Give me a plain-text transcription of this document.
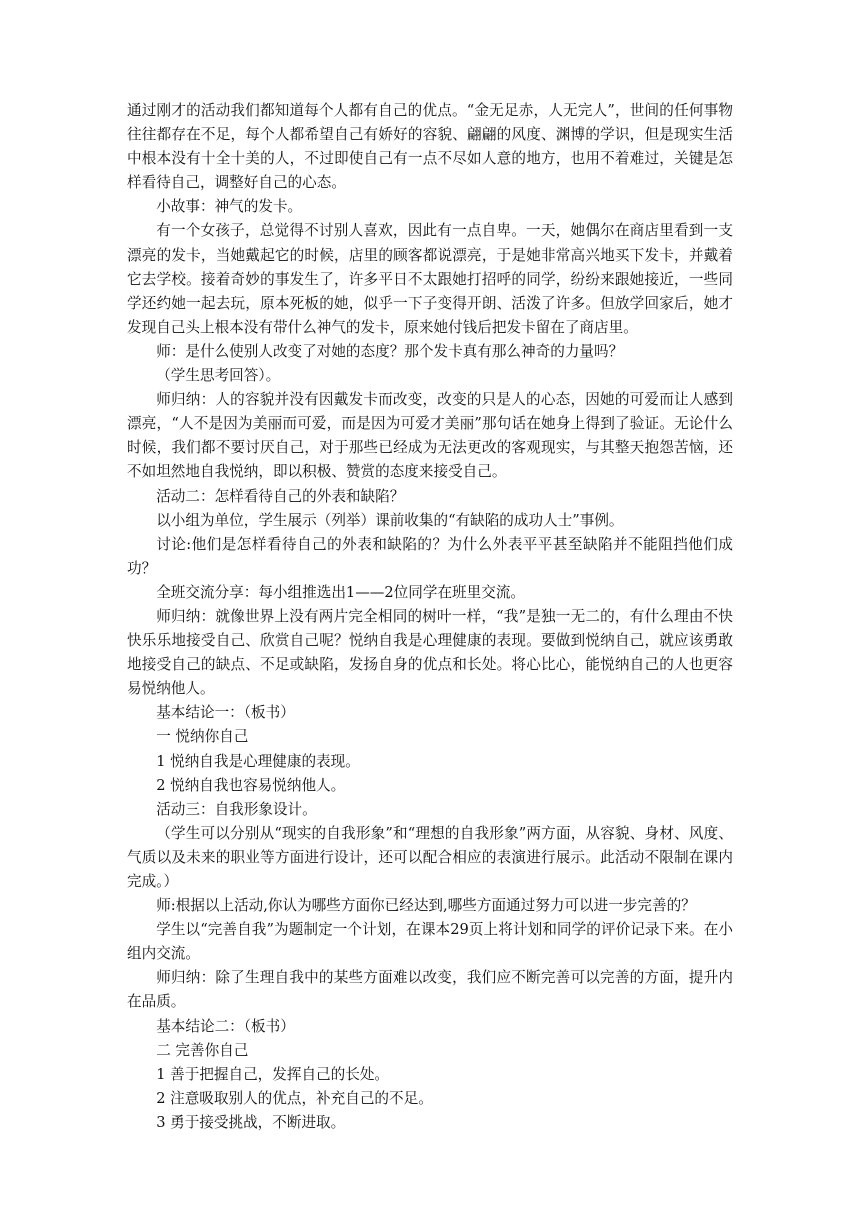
通过刚才的活动我们都知道每个人都有自己的优点。“金无足赤，人无完人”，世间的任何事物往往都存在不足，每个人都希望自己有娇好的容貌、翩翩的风度、渊博的学识，但是现实生活中根本没有十全十美的人，不过即使自己有一点不尽如人意的地方，也用不着难过，关键是怎样看待自己，调整好自己的心态。

小故事：神气的发卡。

有一个女孩子，总觉得不讨别人喜欢，因此有一点自卑。一天，她偶尔在商店里看到一支漂亮的发卡，当她戴起它的时候，店里的顾客都说漂亮，于是她非常高兴地买下发卡，并戴着它去学校。接着奇妙的事发生了，许多平日不太跟她打招呼的同学，纷纷来跟她接近，一些同学还约她一起去玩，原本死板的她，似乎一下子变得开朗、活泼了许多。但放学回家后，她才发现自己头上根本没有带什么神气的发卡，原来她付钱后把发卡留在了商店里。

师：是什么使别人改变了对她的态度？那个发卡真有那么神奇的力量吗？

（学生思考回答）。

师归纳：人的容貌并没有因戴发卡而改变，改变的只是人的心态，因她的可爱而让人感到漂亮，“人不是因为美丽而可爱，而是因为可爱才美丽”那句话在她身上得到了验证。无论什么时候，我们都不要讨厌自己，对于那些已经成为无法更改的客观现实，与其整天抱怨苦恼，还不如坦然地自我悦纳，即以积极、赞赏的态度来接受自己。

活动二：怎样看待自己的外表和缺陷？

以小组为单位，学生展示（列举）课前收集的“有缺陷的成功人士”事例。

讨论:他们是怎样看待自己的外表和缺陷的？为什么外表平平甚至缺陷并不能阻挡他们成功？

全班交流分享：每小组推选出1——2位同学在班里交流。

师归纳：就像世界上没有两片完全相同的树叶一样，“我”是独一无二的，有什么理由不快快乐乐地接受自己、欣赏自己呢？悦纳自我是心理健康的表现。要做到悦纳自己，就应该勇敢地接受自己的缺点、不足或缺陷，发扬自身的优点和长处。将心比心，能悦纳自己的人也更容易悦纳他人。

基本结论一：（板书）

一 悦纳你自己

1 悦纳自我是心理健康的表现。

2 悦纳自我也容易悦纳他人。

活动三：自我形象设计。

（学生可以分别从“现实的自我形象”和“理想的自我形象”两方面，从容貌、身材、风度、气质以及未来的职业等方面进行设计，还可以配合相应的表演进行展示。此活动不限制在课内完成。）

师:根据以上活动,你认为哪些方面你已经达到,哪些方面通过努力可以进一步完善的？

学生以“完善自我”为题制定一个计划，在课本29页上将计划和同学的评价记录下来。在小组内交流。

师归纳：除了生理自我中的某些方面难以改变，我们应不断完善可以完善的方面，提升内在品质。

基本结论二：（板书）

二 完善你自己

1 善于把握自己，发挥自己的长处。

2 注意吸取别人的优点，补充自己的不足。

3 勇于接受挑战，不断进取。
